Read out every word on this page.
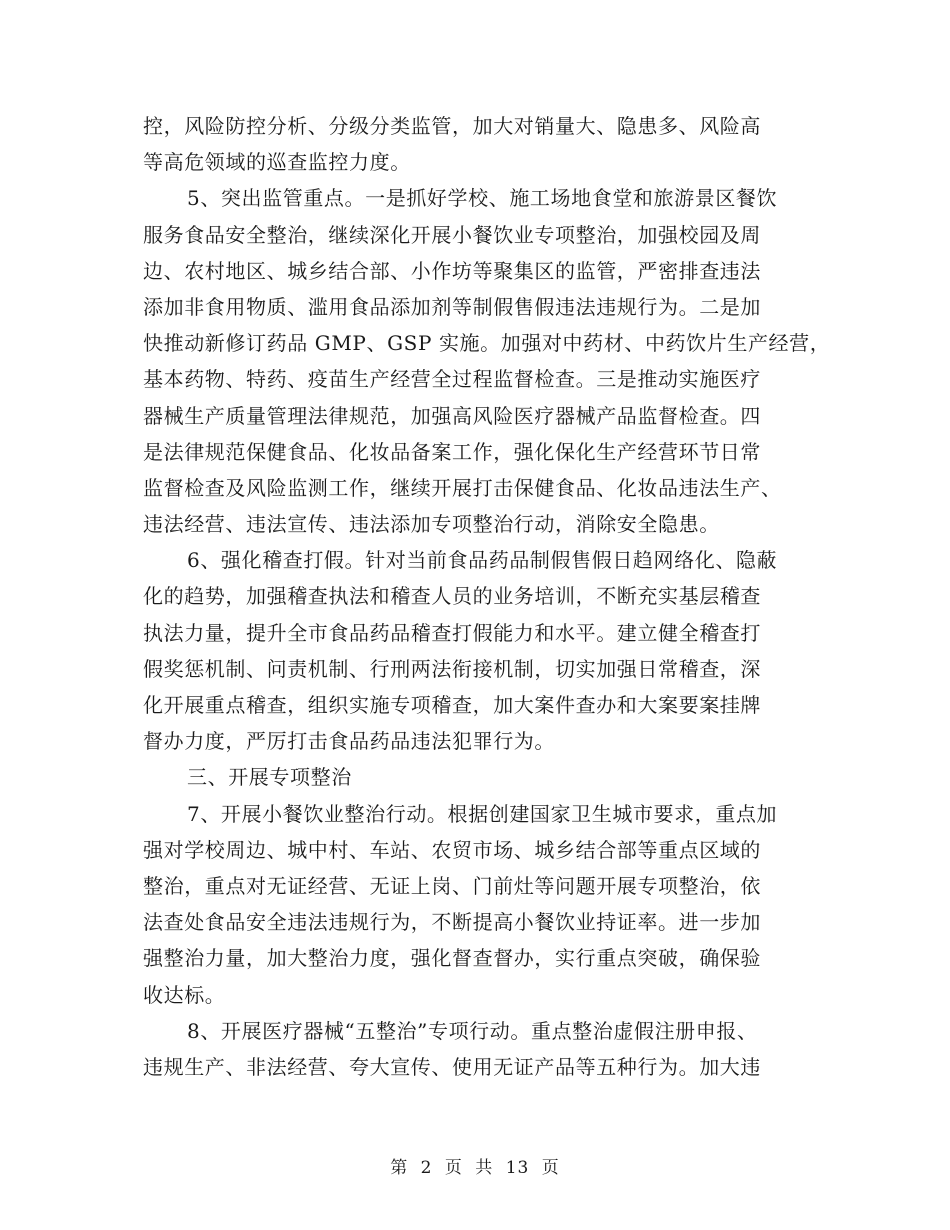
控，风险防控分析、分级分类监管，加大对销量大、隐患多、风险高
等高危领域的巡查监控力度。
5、突出监管重点。一是抓好学校、施工场地食堂和旅游景区餐饮
服务食品安全整治，继续深化开展小餐饮业专项整治，加强校园及周
边、农村地区、城乡结合部、小作坊等聚集区的监管，严密排查违法
添加非食用物质、滥用食品添加剂等制假售假违法违规行为。二是加
快推动新修订药品 GMP、GSP 实施。加强对中药材、中药饮片生产经营，
基本药物、特药、疫苗生产经营全过程监督检查。三是推动实施医疗
器械生产质量管理法律规范，加强高风险医疗器械产品监督检查。四
是法律规范保健食品、化妆品备案工作，强化保化生产经营环节日常
监督检查及风险监测工作，继续开展打击保健食品、化妆品违法生产、
违法经营、违法宣传、违法添加专项整治行动，消除安全隐患。
6、强化稽查打假。针对当前食品药品制假售假日趋网络化、隐蔽
化的趋势，加强稽查执法和稽查人员的业务培训，不断充实基层稽查
执法力量，提升全市食品药品稽查打假能力和水平。建立健全稽查打
假奖惩机制、问责机制、行刑两法衔接机制，切实加强日常稽查，深
化开展重点稽查，组织实施专项稽查，加大案件查办和大案要案挂牌
督办力度，严厉打击食品药品违法犯罪行为。
三、开展专项整治
7、开展小餐饮业整治行动。根据创建国家卫生城市要求，重点加
强对学校周边、城中村、车站、农贸市场、城乡结合部等重点区域的
整治，重点对无证经营、无证上岗、门前灶等问题开展专项整治，依
法查处食品安全违法违规行为，不断提高小餐饮业持证率。进一步加
强整治力量，加大整治力度，强化督查督办，实行重点突破，确保验
收达标。
8、开展医疗器械“五整治”专项行动。重点整治虚假注册申报、
违规生产、非法经营、夸大宣传、使用无证产品等五种行为。加大违
第 2 页 共 13 页
